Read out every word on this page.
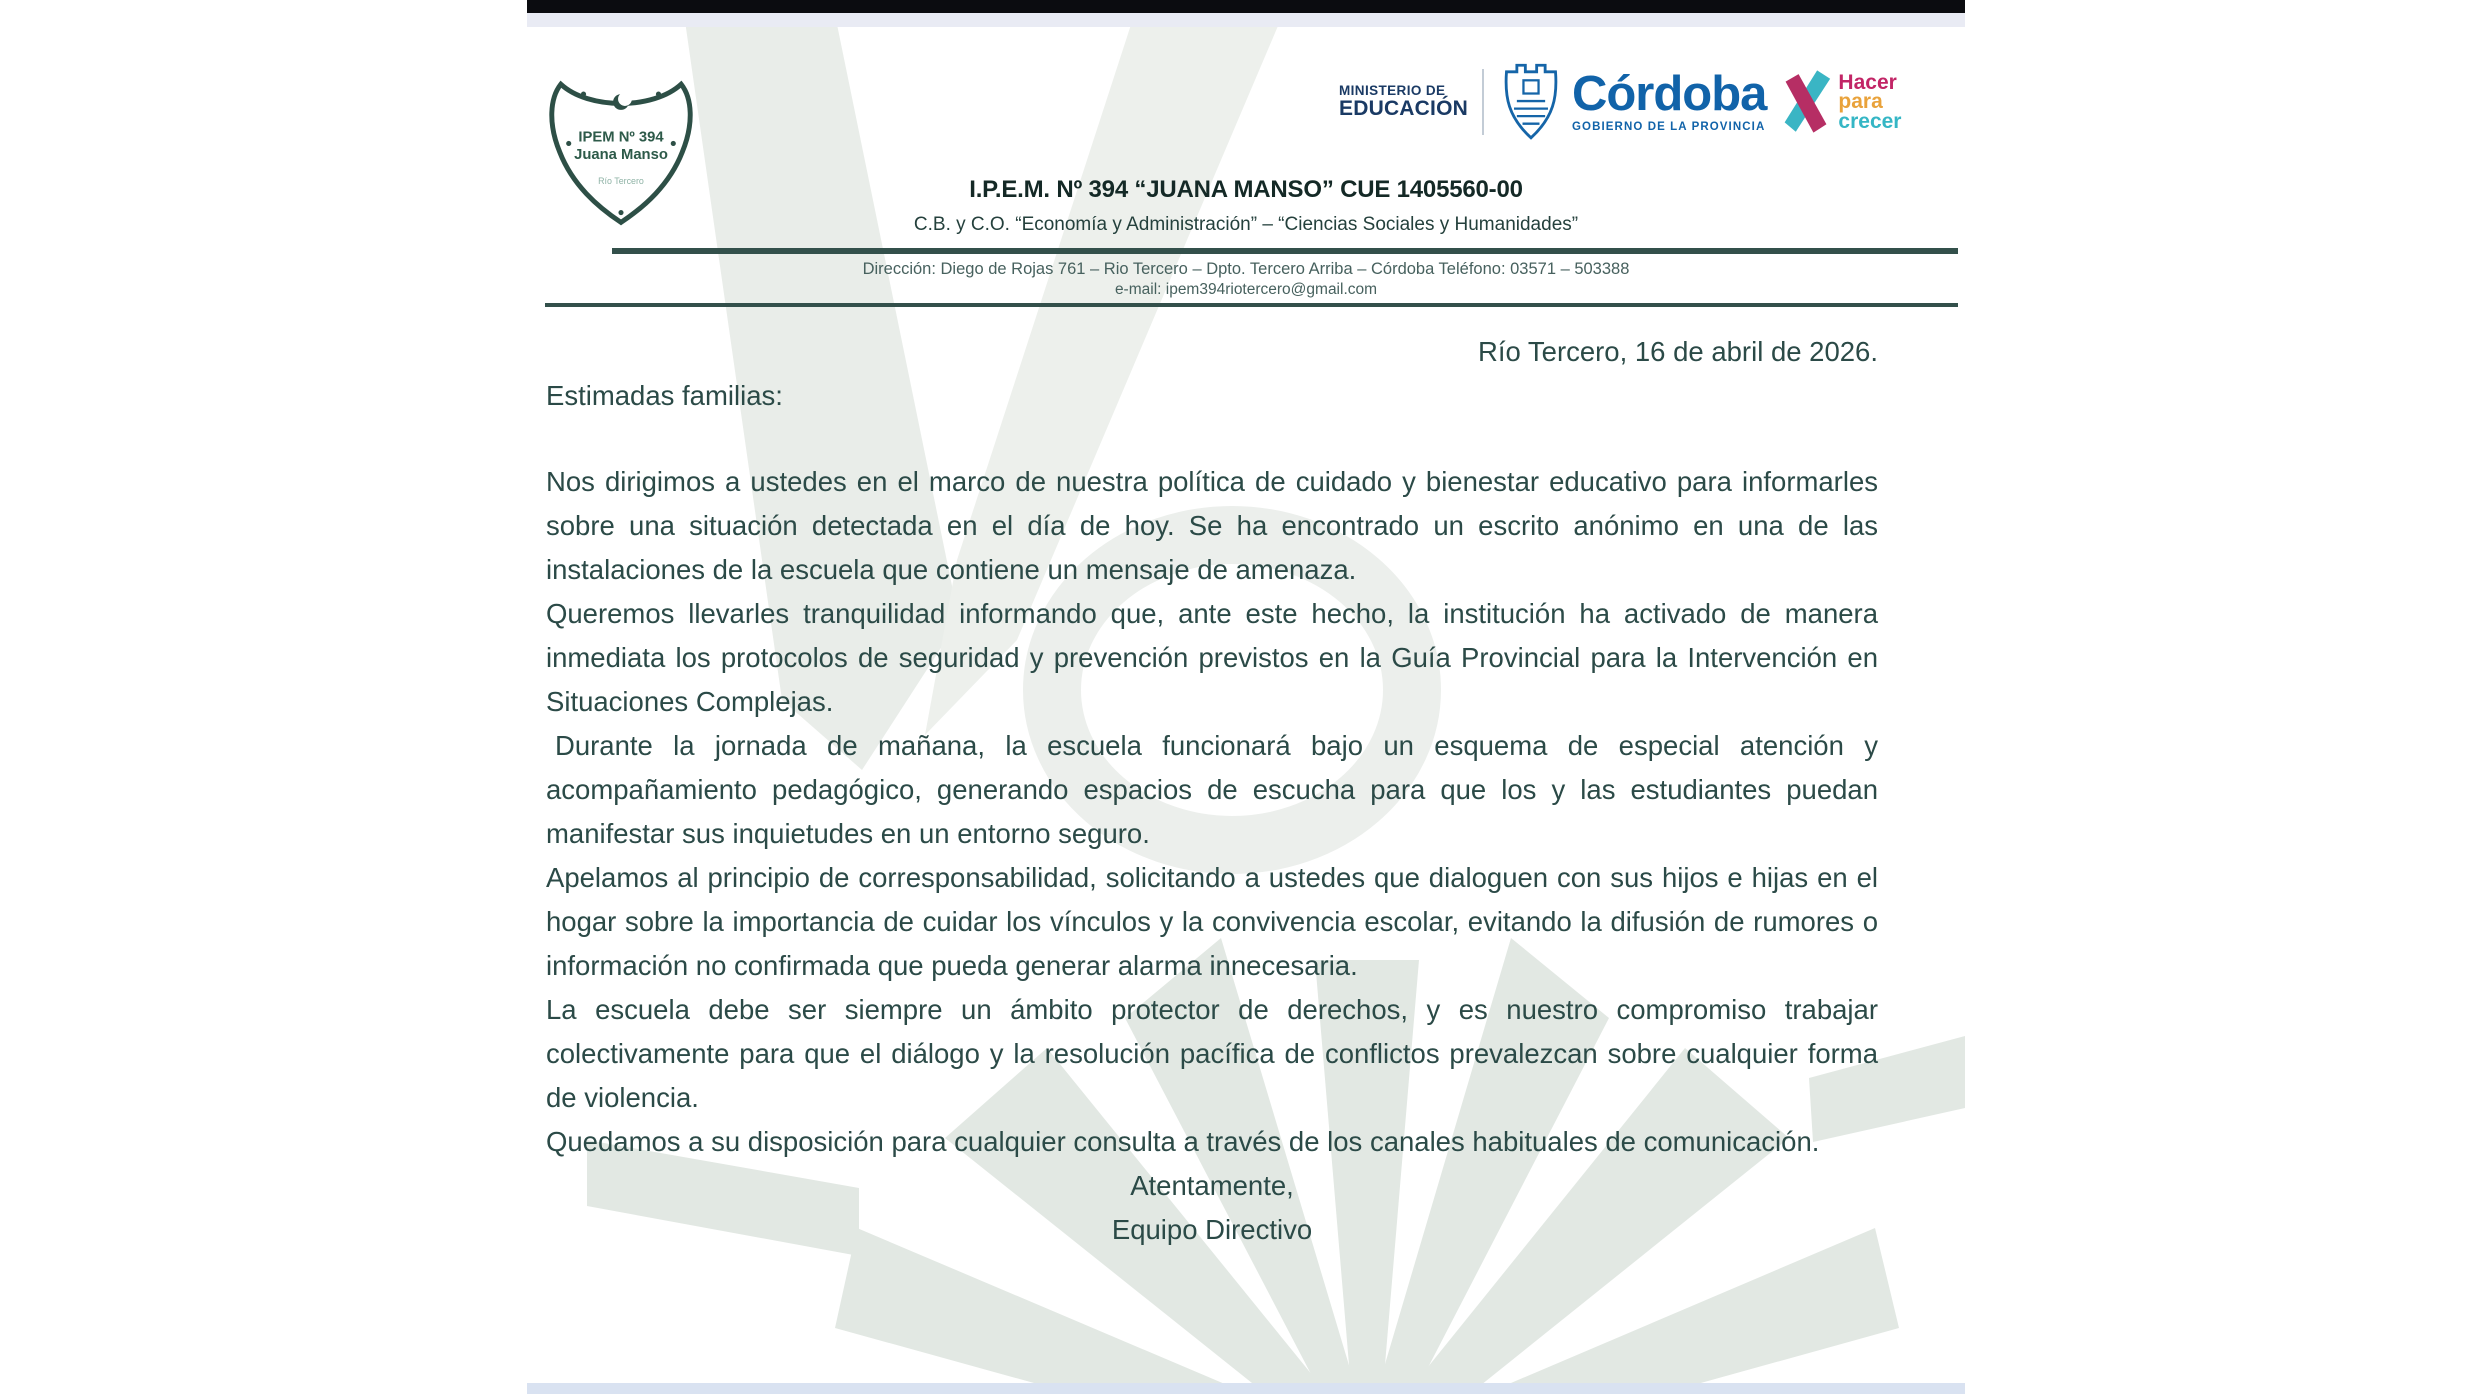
IPEM Nº 394
Juana Manso
Río Tercero
MINISTERIO DE
EDUCACIÓN Córdoba
GOBIERNO DE LA PROVINCIA
Hacer
para
crecer
I.P.E.M. Nº 394 “JUANA MANSO” CUE 1405560-00
C.B. y C.O. “Economía y Administración” – “Ciencias Sociales y Humanidades”
Dirección: Diego de Rojas 761 – Rio Tercero – Dpto. Tercero Arriba – Córdoba Teléfono: 03571 – 503388
e-mail: ipem394riotercero@gmail.com
Río Tercero, 16 de abril de 2026.
Estimadas familias:

Nos dirigimos a ustedes en el marco de nuestra política de cuidado y bienestar educativo para informarles sobre una situación detectada en el día de hoy. Se ha encontrado un escrito anónimo en una de las instalaciones de la escuela que contiene un mensaje de amenaza.

Queremos llevarles tranquilidad informando que, ante este hecho, la institución ha activado de manera inmediata los protocolos de seguridad y prevención previstos en la Guía Provincial para la Intervención en Situaciones Complejas.

Durante la jornada de mañana, la escuela funcionará bajo un esquema de especial atención y acompañamiento pedagógico, generando espacios de escucha para que los y las estudiantes puedan manifestar sus inquietudes en un entorno seguro.

Apelamos al principio de corresponsabilidad, solicitando a ustedes que dialoguen con sus hijos e hijas en el hogar sobre la importancia de cuidar los vínculos y la convivencia escolar, evitando la difusión de rumores o información no confirmada que pueda generar alarma innecesaria.

La escuela debe ser siempre un ámbito protector de derechos, y es nuestro compromiso trabajar colectivamente para que el diálogo y la resolución pacífica de conflictos prevalezcan sobre cualquier forma de violencia.

Quedamos a su disposición para cualquier consulta a través de los canales habituales de comunicación.

Atentamente,
Equipo Directivo
